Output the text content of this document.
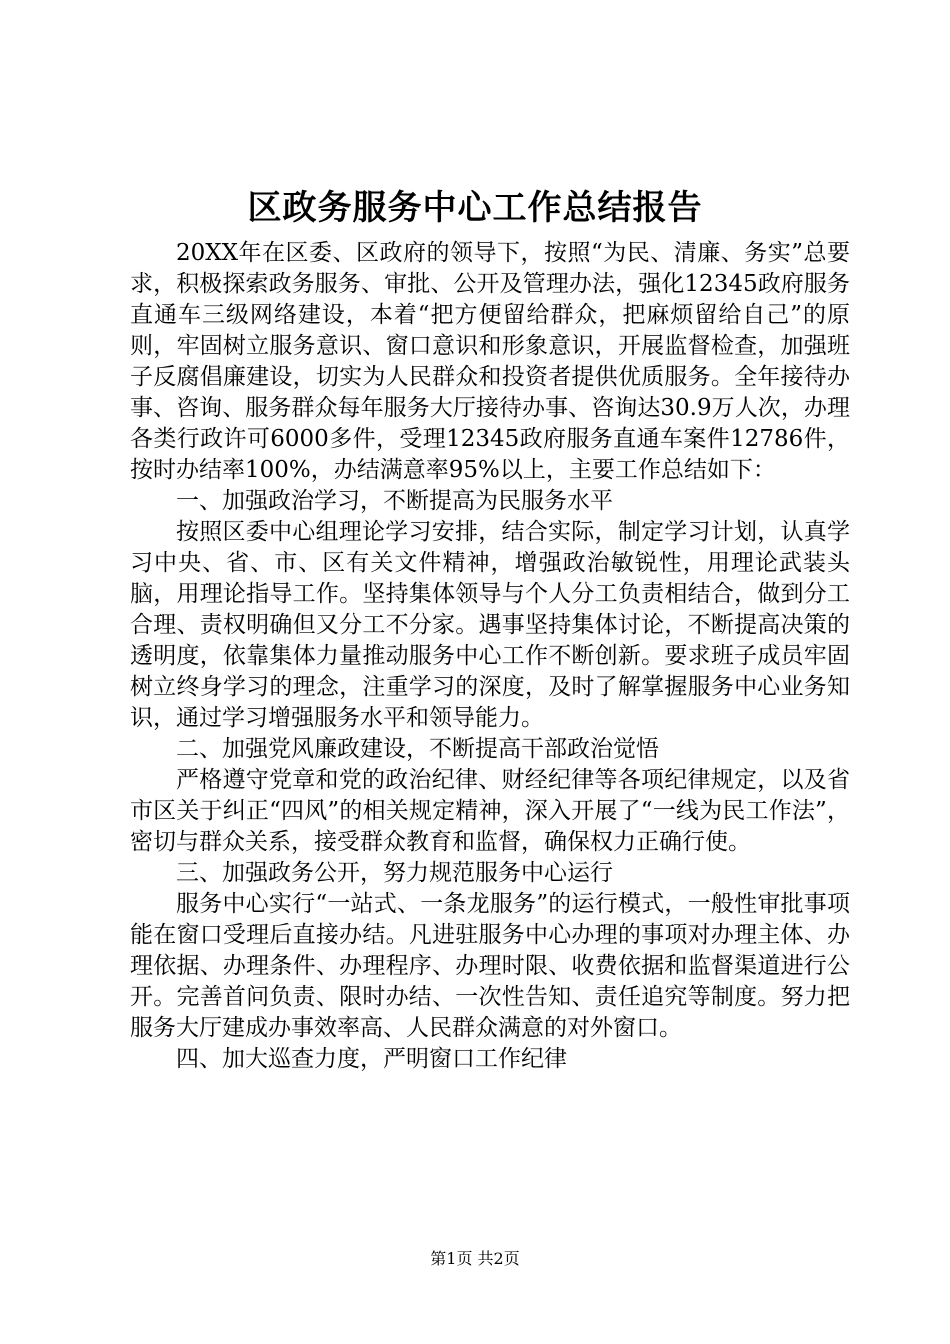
区政务服务中心工作总结报告

20XX年在区委、区政府的领导下，按照“为民、清廉、务实”总要求，积极探索政务服务、审批、公开及管理办法，强化12345政府服务直通车三级网络建设，本着“把方便留给群众，把麻烦留给自己”的原则，牢固树立服务意识、窗口意识和形象意识，开展监督检查，加强班子反腐倡廉建设，切实为人民群众和投资者提供优质服务。全年接待办事、咨询、服务群众每年服务大厅接待办事、咨询达30.9万人次，办理各类行政许可6000多件，受理12345政府服务直通车案件12786件，按时办结率100%，办结满意率95%以上，主要工作总结如下：

一、加强政治学习，不断提高为民服务水平

按照区委中心组理论学习安排，结合实际，制定学习计划，认真学习中央、省、市、区有关文件精神，增强政治敏锐性，用理论武装头脑，用理论指导工作。坚持集体领导与个人分工负责相结合，做到分工合理、责权明确但又分工不分家。遇事坚持集体讨论，不断提高决策的透明度，依靠集体力量推动服务中心工作不断创新。要求班子成员牢固树立终身学习的理念，注重学习的深度，及时了解掌握服务中心业务知识，通过学习增强服务水平和领导能力。

二、加强党风廉政建设，不断提高干部政治觉悟

严格遵守党章和党的政治纪律、财经纪律等各项纪律规定，以及省市区关于纠正“四风”的相关规定精神，深入开展了“一线为民工作法”，密切与群众关系，接受群众教育和监督，确保权力正确行使。

三、加强政务公开，努力规范服务中心运行

服务中心实行“一站式、一条龙服务”的运行模式，一般性审批事项能在窗口受理后直接办结。凡进驻服务中心办理的事项对办理主体、办理依据、办理条件、办理程序、办理时限、收费依据和监督渠道进行公开。完善首问负责、限时办结、一次性告知、责任追究等制度。努力把服务大厅建成办事效率高、人民群众满意的对外窗口。

四、加大巡查力度，严明窗口工作纪律

第1页 共2页
